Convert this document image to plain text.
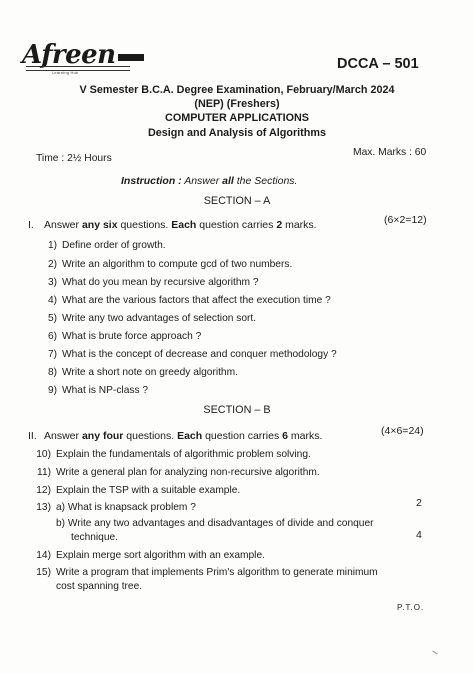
Afreen
Learning Hub
DCCA – 501
V Semester B.C.A. Degree Examination, February/March 2024
(NEP) (Freshers)
COMPUTER APPLICATIONS
Design and Analysis of Algorithms
Time : 2½ Hours
Max. Marks : 60
Instruction : Answer all the Sections.
SECTION – A
I. Answer any six questions. Each question carries 2 marks.	(6×2=12)
1) Define order of growth.
2) Write an algorithm to compute gcd of two numbers.
3) What do you mean by recursive algorithm ?
4) What are the various factors that affect the execution time ?
5) Write any two advantages of selection sort.
6) What is brute force approach ?
7) What is the concept of decrease and conquer methodology ?
8) Write a short note on greedy algorithm.
9) What is NP-class ?
SECTION – B
II. Answer any four questions. Each question carries 6 marks.	(4×6=24)
10) Explain the fundamentals of algorithmic problem solving.
11) Write a general plan for analyzing non-recursive algorithm.
12) Explain the TSP with a suitable example.
13) a) What is knapsack problem ?	2
b) Write any two advantages and disadvantages of divide and conquer
technique.	4
14) Explain merge sort algorithm with an example.
15) Write a program that implements Prim's algorithm to generate minimum
cost spanning tree.
P.T.O.
